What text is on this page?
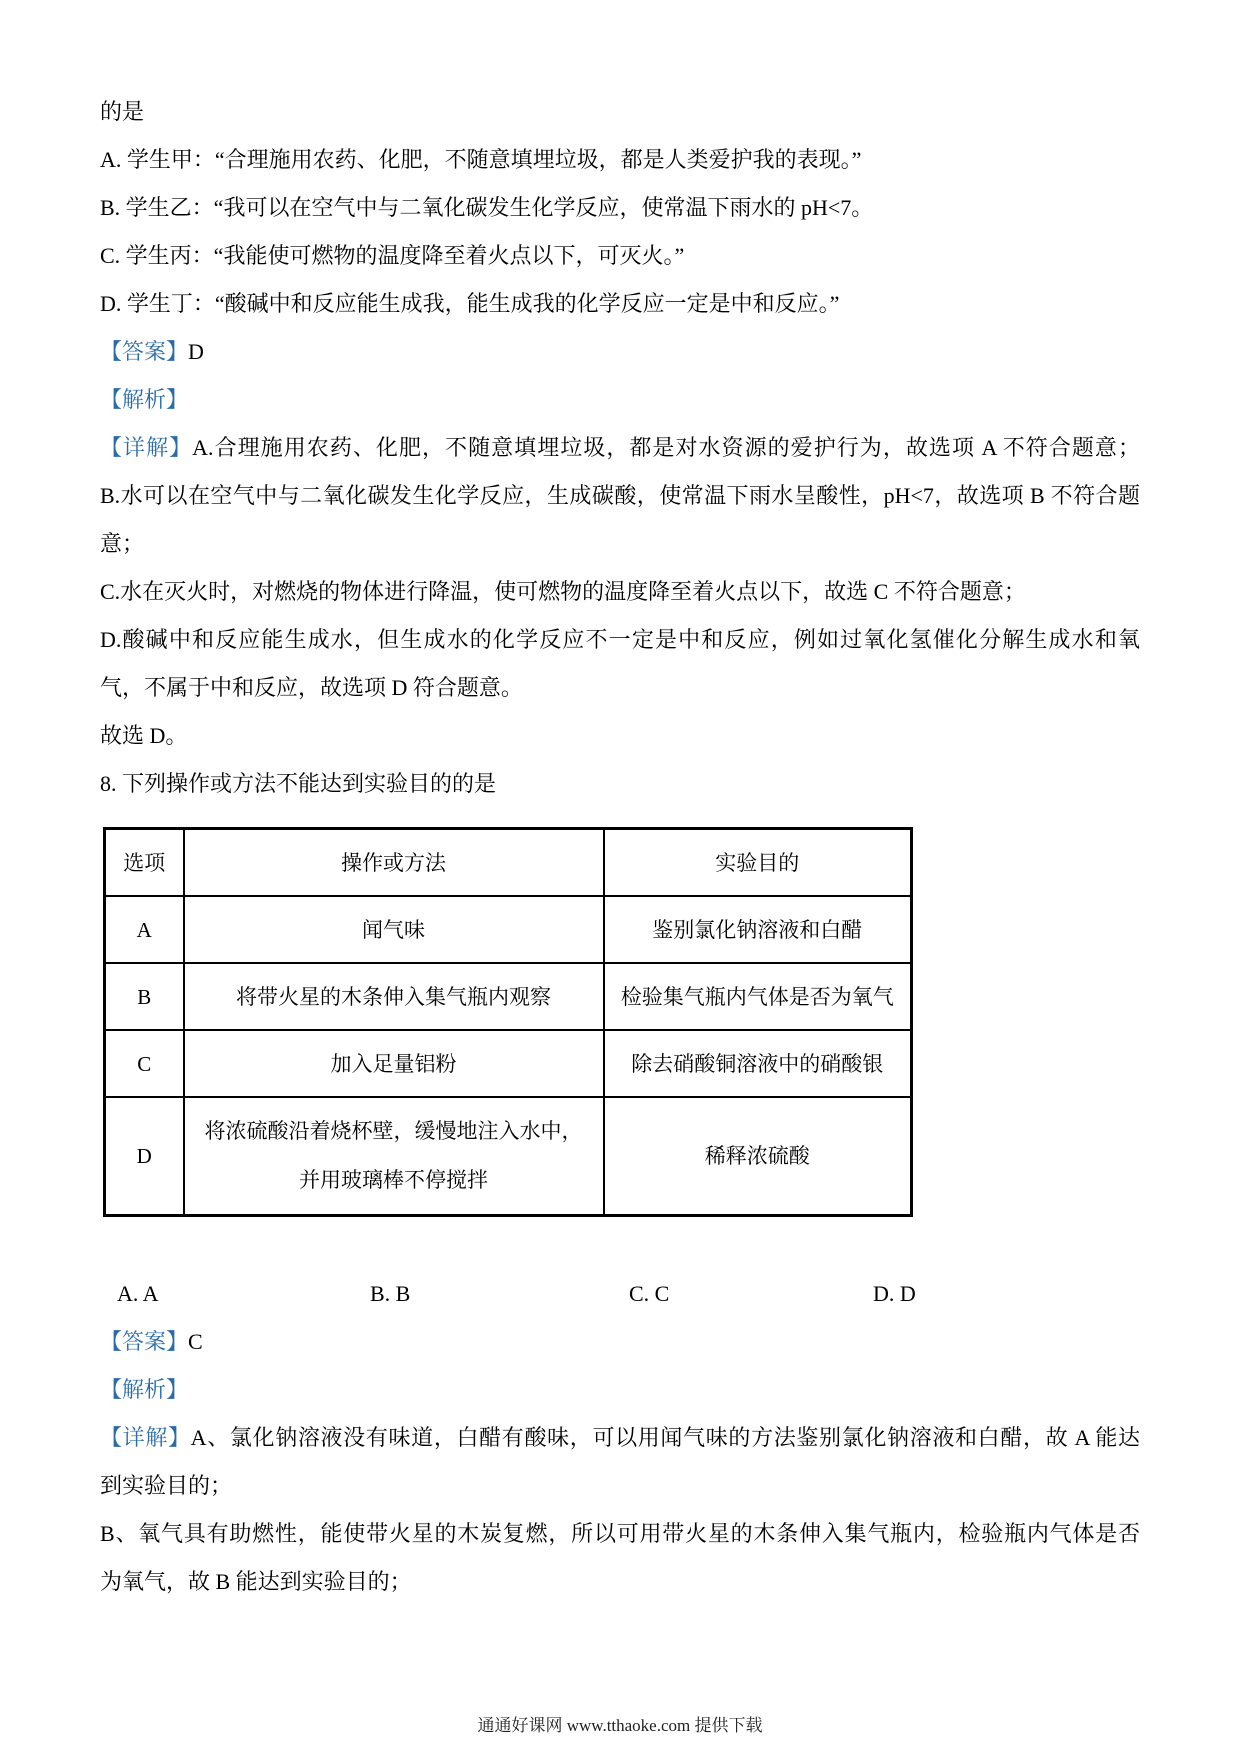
的是
A. 学生甲：“合理施用农药、化肥，不随意填埋垃圾，都是人类爱护我的表现。”
B. 学生乙：“我可以在空气中与二氧化碳发生化学反应，使常温下雨水的 pH<7。
C. 学生丙：“我能使可燃物的温度降至着火点以下，可灭火。”
D. 学生丁：“酸碱中和反应能生成我，能生成我的化学反应一定是中和反应。”
【答案】D
【解析】
【详解】A.合理施用农药、化肥，不随意填埋垃圾，都是对水资源的爱护行为，故选项 A 不符合题意；
B.水可以在空气中与二氧化碳发生化学反应，生成碳酸，使常温下雨水呈酸性，pH<7，故选项 B 不符合题
意；
C.水在灭火时，对燃烧的物体进行降温，使可燃物的温度降至着火点以下，故选 C 不符合题意；
D.酸碱中和反应能生成水，但生成水的化学反应不一定是中和反应，例如过氧化氢催化分解生成水和氧
气，不属于中和反应，故选项 D 符合题意。
故选 D。
8. 下列操作或方法不能达到实验目的的是
选项	操作或方法	实验目的
A	闻气味	鉴别氯化钠溶液和白醋
B	将带火星的木条伸入集气瓶内观察	检验集气瓶内气体是否为氧气
C	加入足量铝粉	除去硝酸铜溶液中的硝酸银
D	将浓硫酸沿着烧杯壁，缓慢地注入水中，
并用玻璃棒不停搅拌	稀释浓硫酸
A. A	B. B	C. C	D. D
【答案】C
【解析】
【详解】A、氯化钠溶液没有味道，白醋有酸味，可以用闻气味的方法鉴别氯化钠溶液和白醋，故 A 能达
到实验目的；
B、氧气具有助燃性，能使带火星的木炭复燃，所以可用带火星的木条伸入集气瓶内，检验瓶内气体是否
为氧气，故 B 能达到实验目的；
通通好课网 www.tthaoke.com 提供下载
